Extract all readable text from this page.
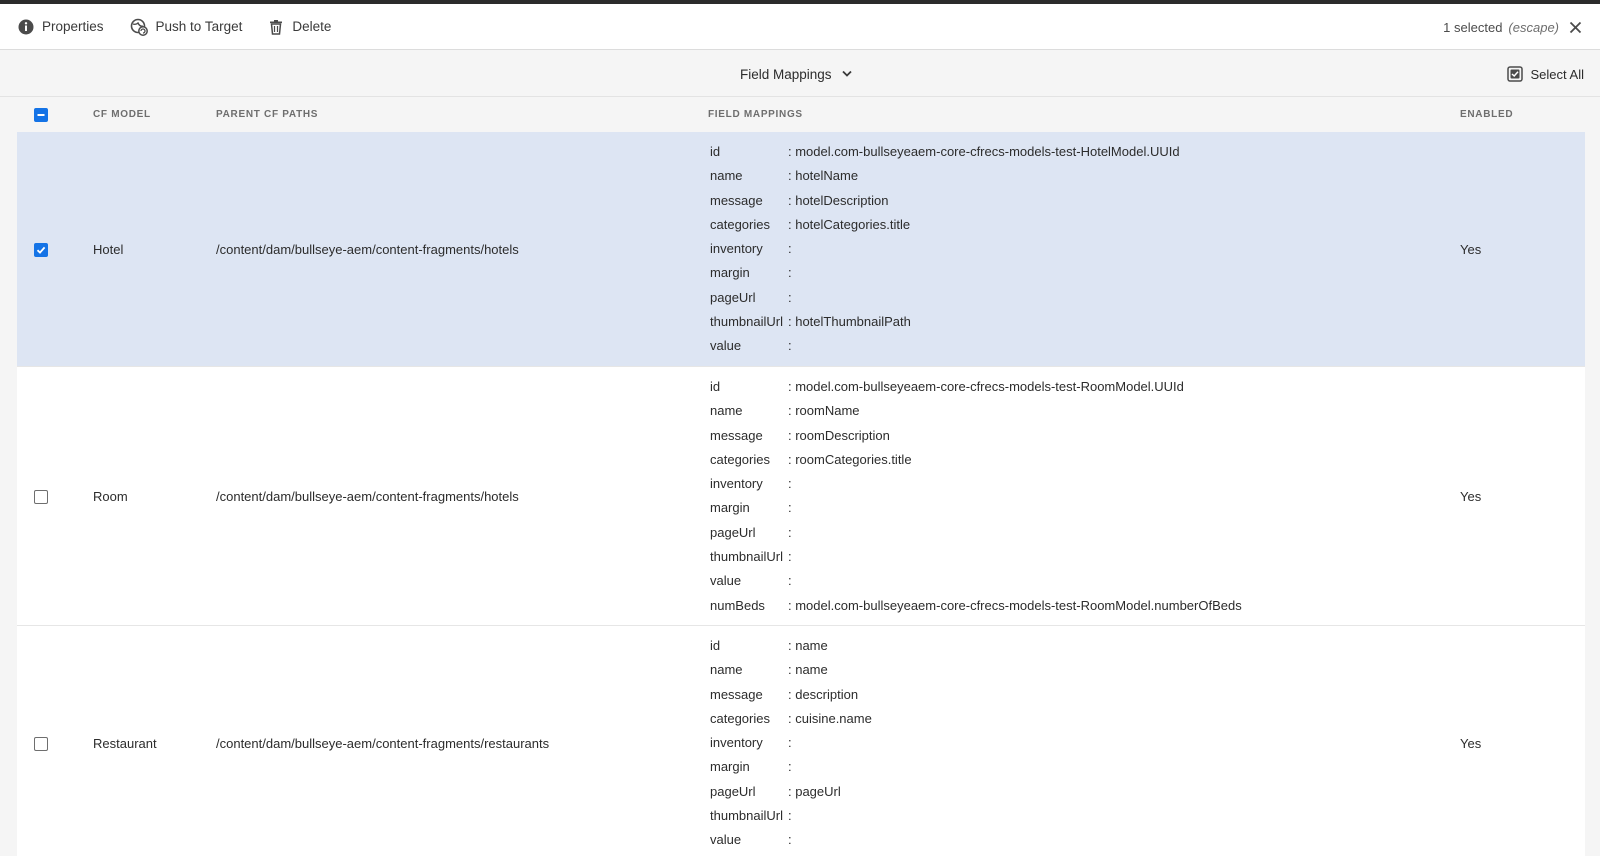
Properties	Push to Target	Delete	1 selected (escape)
Field Mappings	Select All
CF MODEL	PARENT CF PATHS	FIELD MAPPINGS	ENABLED
Hotel	/content/dam/bullseye-aem/content-fragments/hotels	Yes
id	: model.com-bullseyeaem-core-cfrecs-models-test-HotelModel.UUId
name	: hotelName
message	: hotelDescription
categories	: hotelCategories.title
inventory	:
margin	:
pageUrl	:
thumbnailUrl : hotelThumbnailPath
value	:
Room	/content/dam/bullseye-aem/content-fragments/hotels	Yes
id	: model.com-bullseyeaem-core-cfrecs-models-test-RoomModel.UUId
name	: roomName
message	: roomDescription
categories	: roomCategories.title
inventory	:
margin	:
pageUrl	:
thumbnailUrl :
value	:
numBeds	: model.com-bullseyeaem-core-cfrecs-models-test-RoomModel.numberOfBeds
Restaurant	/content/dam/bullseye-aem/content-fragments/restaurants	Yes
id	: name
name	: name
message	: description
categories	: cuisine.name
inventory	:
margin	:
pageUrl	: pageUrl
thumbnailUrl :
value	:
